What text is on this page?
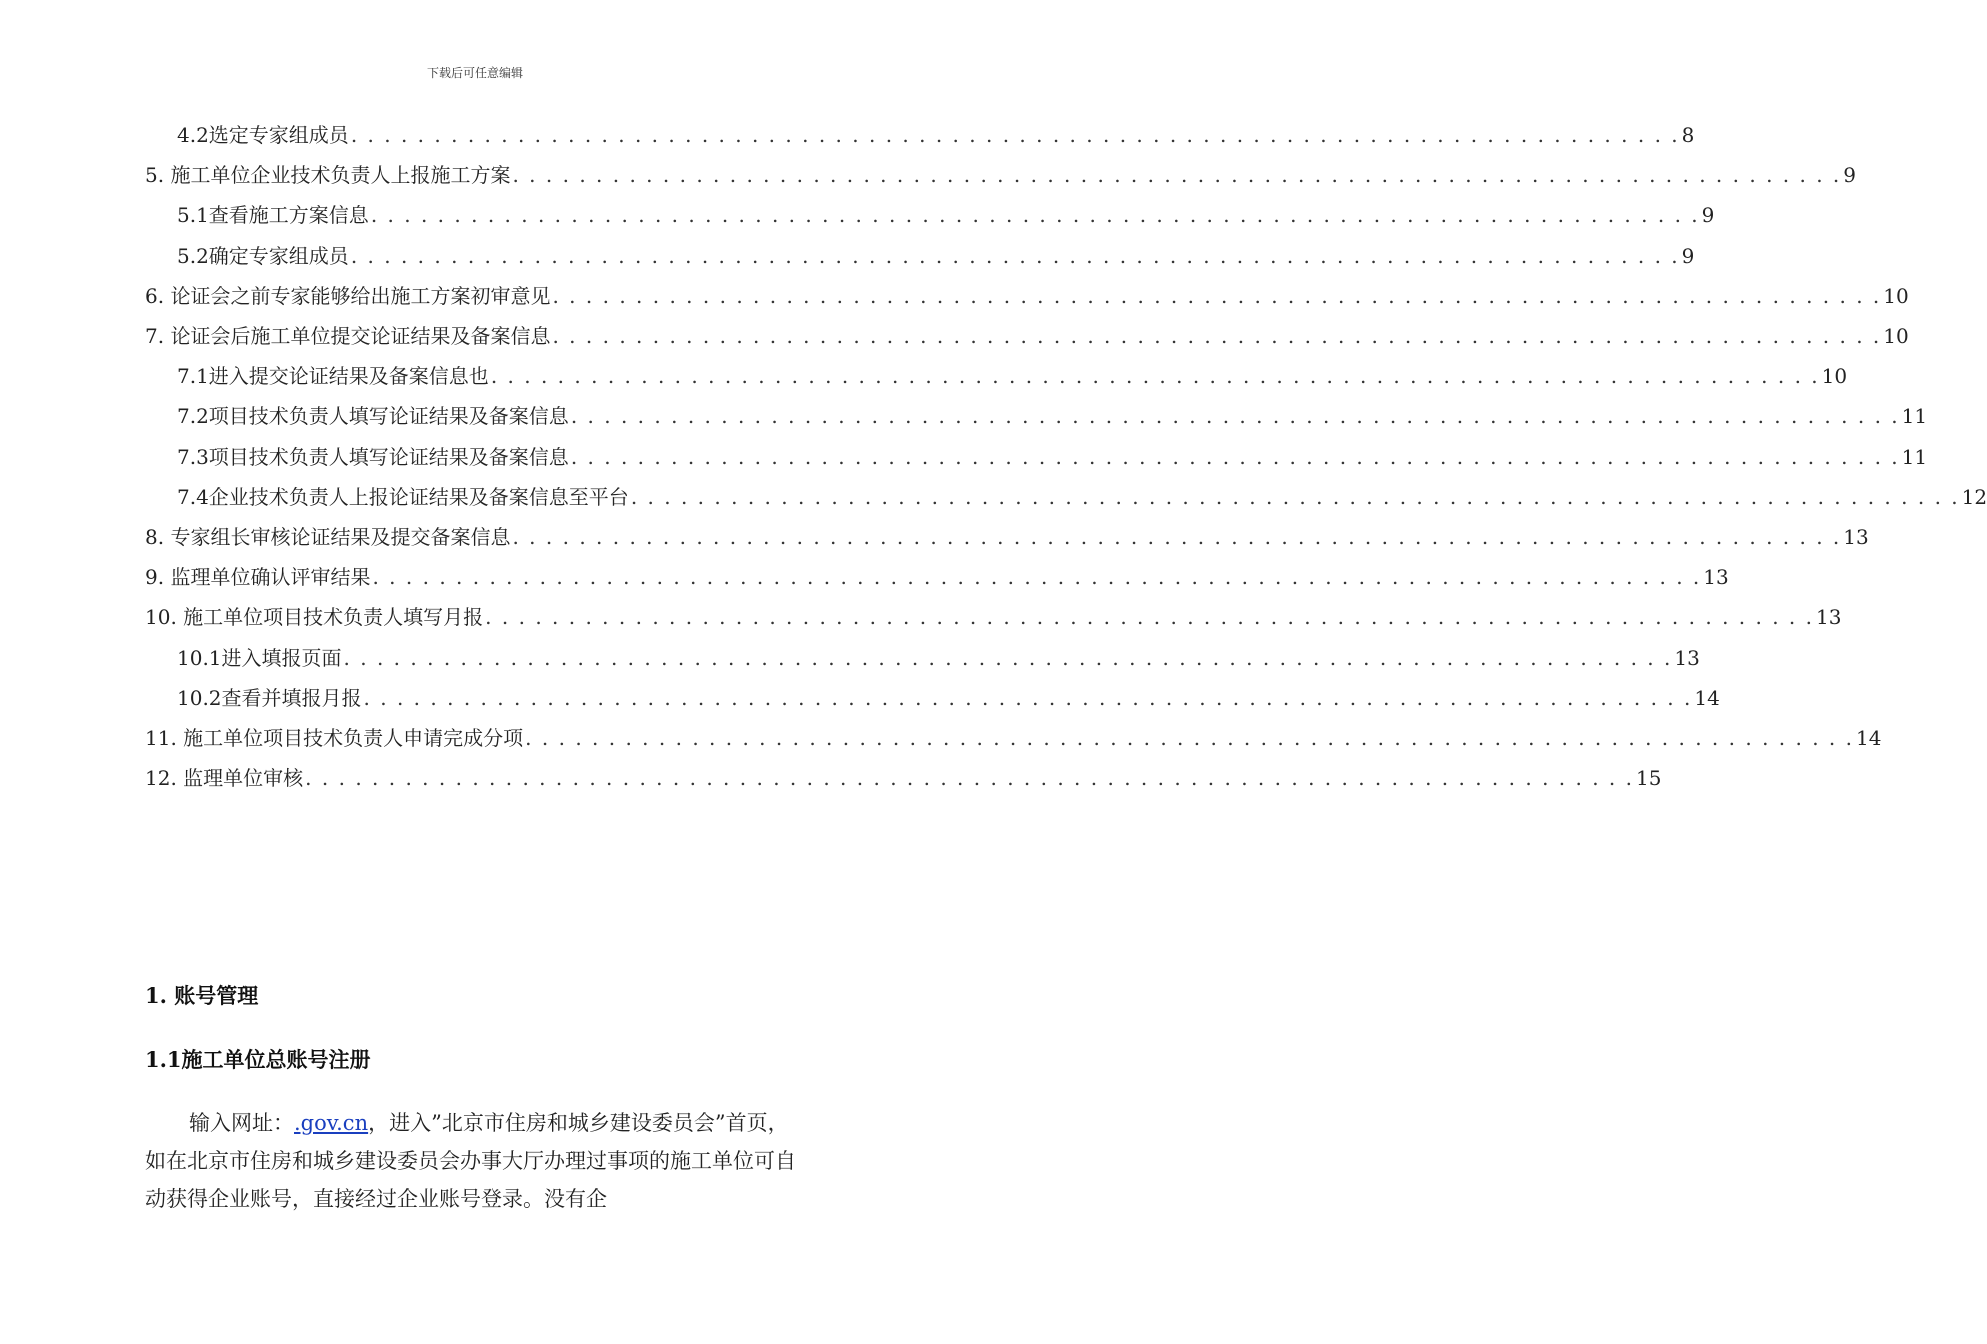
下载后可任意编辑
4.2选定专家组成员 . . . . . . . . . . . . . . . . . . . . . . . . . . . . . . . . . . . . . . . . . . . . . . . . . . . . . . . . . . . . . . . . . . . . . . . . . . . . . . . . 8
5. 施工单位企业技术负责人上报施工方案 . . . . . . . . . . . . . . . . . . . . . . . . . . . . . . . . . . . . . . . . . . . . . . . . . . . . . . . . . . . . . . . . . . . . . . . . . . . . . . . . 9
5.1查看施工方案信息 . . . . . . . . . . . . . . . . . . . . . . . . . . . . . . . . . . . . . . . . . . . . . . . . . . . . . . . . . . . . . . . . . . . . . . . . . . . . . . . . 9
5.2确定专家组成员 . . . . . . . . . . . . . . . . . . . . . . . . . . . . . . . . . . . . . . . . . . . . . . . . . . . . . . . . . . . . . . . . . . . . . . . . . . . . . . . . 9
6. 论证会之前专家能够给出施工方案初审意见 . . . . . . . . . . . . . . . . . . . . . . . . . . . . . . . . . . . . . . . . . . . . . . . . . . . . . . . . . . . . . . . . . . . . . . . . . . . . . . . . 10
7. 论证会后施工单位提交论证结果及备案信息 . . . . . . . . . . . . . . . . . . . . . . . . . . . . . . . . . . . . . . . . . . . . . . . . . . . . . . . . . . . . . . . . . . . . . . . . . . . . . . . . 10
7.1进入提交论证结果及备案信息也 . . . . . . . . . . . . . . . . . . . . . . . . . . . . . . . . . . . . . . . . . . . . . . . . . . . . . . . . . . . . . . . . . . . . . . . . . . . . . . . . 10
7.2项目技术负责人填写论证结果及备案信息 . . . . . . . . . . . . . . . . . . . . . . . . . . . . . . . . . . . . . . . . . . . . . . . . . . . . . . . . . . . . . . . . . . . . . . . . . . . . . . . . 11
7.3项目技术负责人填写论证结果及备案信息 . . . . . . . . . . . . . . . . . . . . . . . . . . . . . . . . . . . . . . . . . . . . . . . . . . . . . . . . . . . . . . . . . . . . . . . . . . . . . . . . 11
7.4企业技术负责人上报论证结果及备案信息至平台 . . . . . . . . . . . . . . . . . . . . . . . . . . . . . . . . . . . . . . . . . . . . . . . . . . . . . . . . . . . . . . . . . . . . . . . . . . . . . . . . 12
8. 专家组长审核论证结果及提交备案信息 . . . . . . . . . . . . . . . . . . . . . . . . . . . . . . . . . . . . . . . . . . . . . . . . . . . . . . . . . . . . . . . . . . . . . . . . . . . . . . . . 13
9. 监理单位确认评审结果 . . . . . . . . . . . . . . . . . . . . . . . . . . . . . . . . . . . . . . . . . . . . . . . . . . . . . . . . . . . . . . . . . . . . . . . . . . . . . . . . 13
10. 施工单位项目技术负责人填写月报 . . . . . . . . . . . . . . . . . . . . . . . . . . . . . . . . . . . . . . . . . . . . . . . . . . . . . . . . . . . . . . . . . . . . . . . . . . . . . . . . 13
10.1进入填报页面 . . . . . . . . . . . . . . . . . . . . . . . . . . . . . . . . . . . . . . . . . . . . . . . . . . . . . . . . . . . . . . . . . . . . . . . . . . . . . . . . 13
10.2查看并填报月报 . . . . . . . . . . . . . . . . . . . . . . . . . . . . . . . . . . . . . . . . . . . . . . . . . . . . . . . . . . . . . . . . . . . . . . . . . . . . . . . . 14
11. 施工单位项目技术负责人申请完成分项 . . . . . . . . . . . . . . . . . . . . . . . . . . . . . . . . . . . . . . . . . . . . . . . . . . . . . . . . . . . . . . . . . . . . . . . . . . . . . . . . 14
12. 监理单位审核 . . . . . . . . . . . . . . . . . . . . . . . . . . . . . . . . . . . . . . . . . . . . . . . . . . . . . . . . . . . . . . . . . . . . . . . . . . . . . . . . 15
1. 账号管理
1.1施工单位总账号注册
输入网址：.gov.cn，进入”北京市住房和城乡建设委员会”首页，如在北京市住房和城乡建设委员会办事大厅办理过事项的施工单位可自动获得企业账号，直接经过企业账号登录。没有企
